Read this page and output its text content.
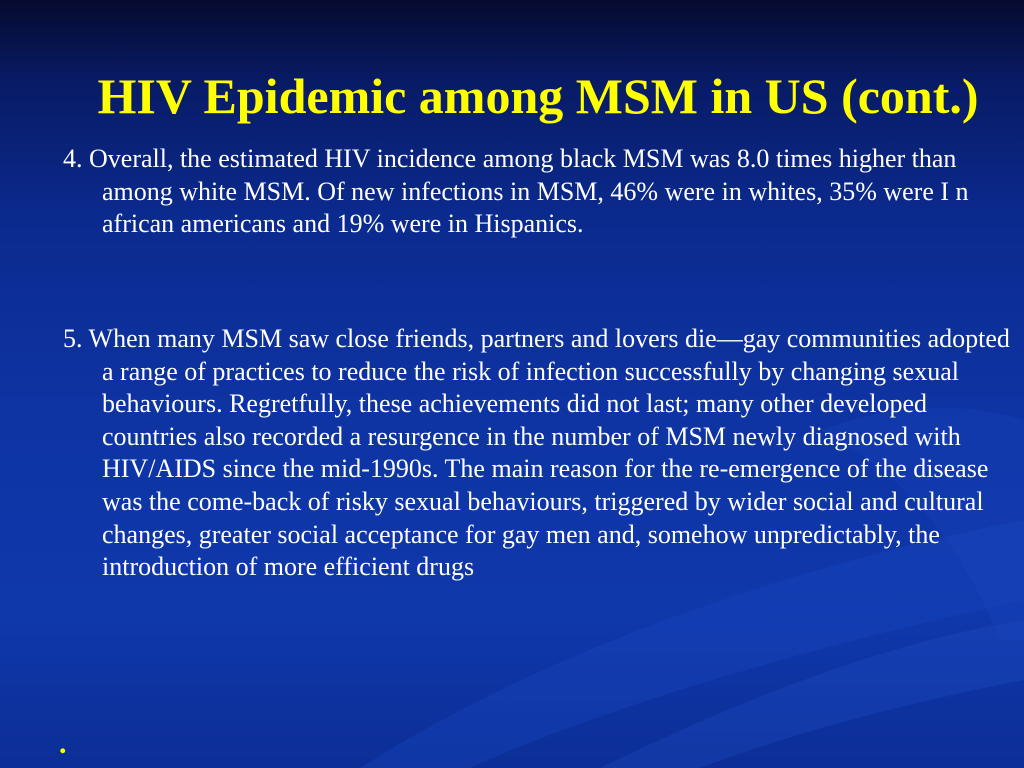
HIV Epidemic among MSM in US (cont.)

4. Overall, the estimated HIV incidence among black MSM was 8.0 times higher than among white MSM. Of new infections in MSM, 46% were in whites, 35% were I n african americans and 19% were in Hispanics.

5. When many MSM saw close friends, partners and lovers die—gay communities adopted a range of practices to reduce the risk of infection successfully by changing sexual behaviours. Regretfully, these achievements did not last; many other developed countries also recorded a resurgence in the number of MSM newly diagnosed with HIV/AIDS since the mid-1990s. The main reason for the re-emergence of the disease was the come-back of risky sexual behaviours, triggered by wider social and cultural changes, greater social acceptance for gay men and, somehow unpredictably, the introduction of more efficient drugs

.
